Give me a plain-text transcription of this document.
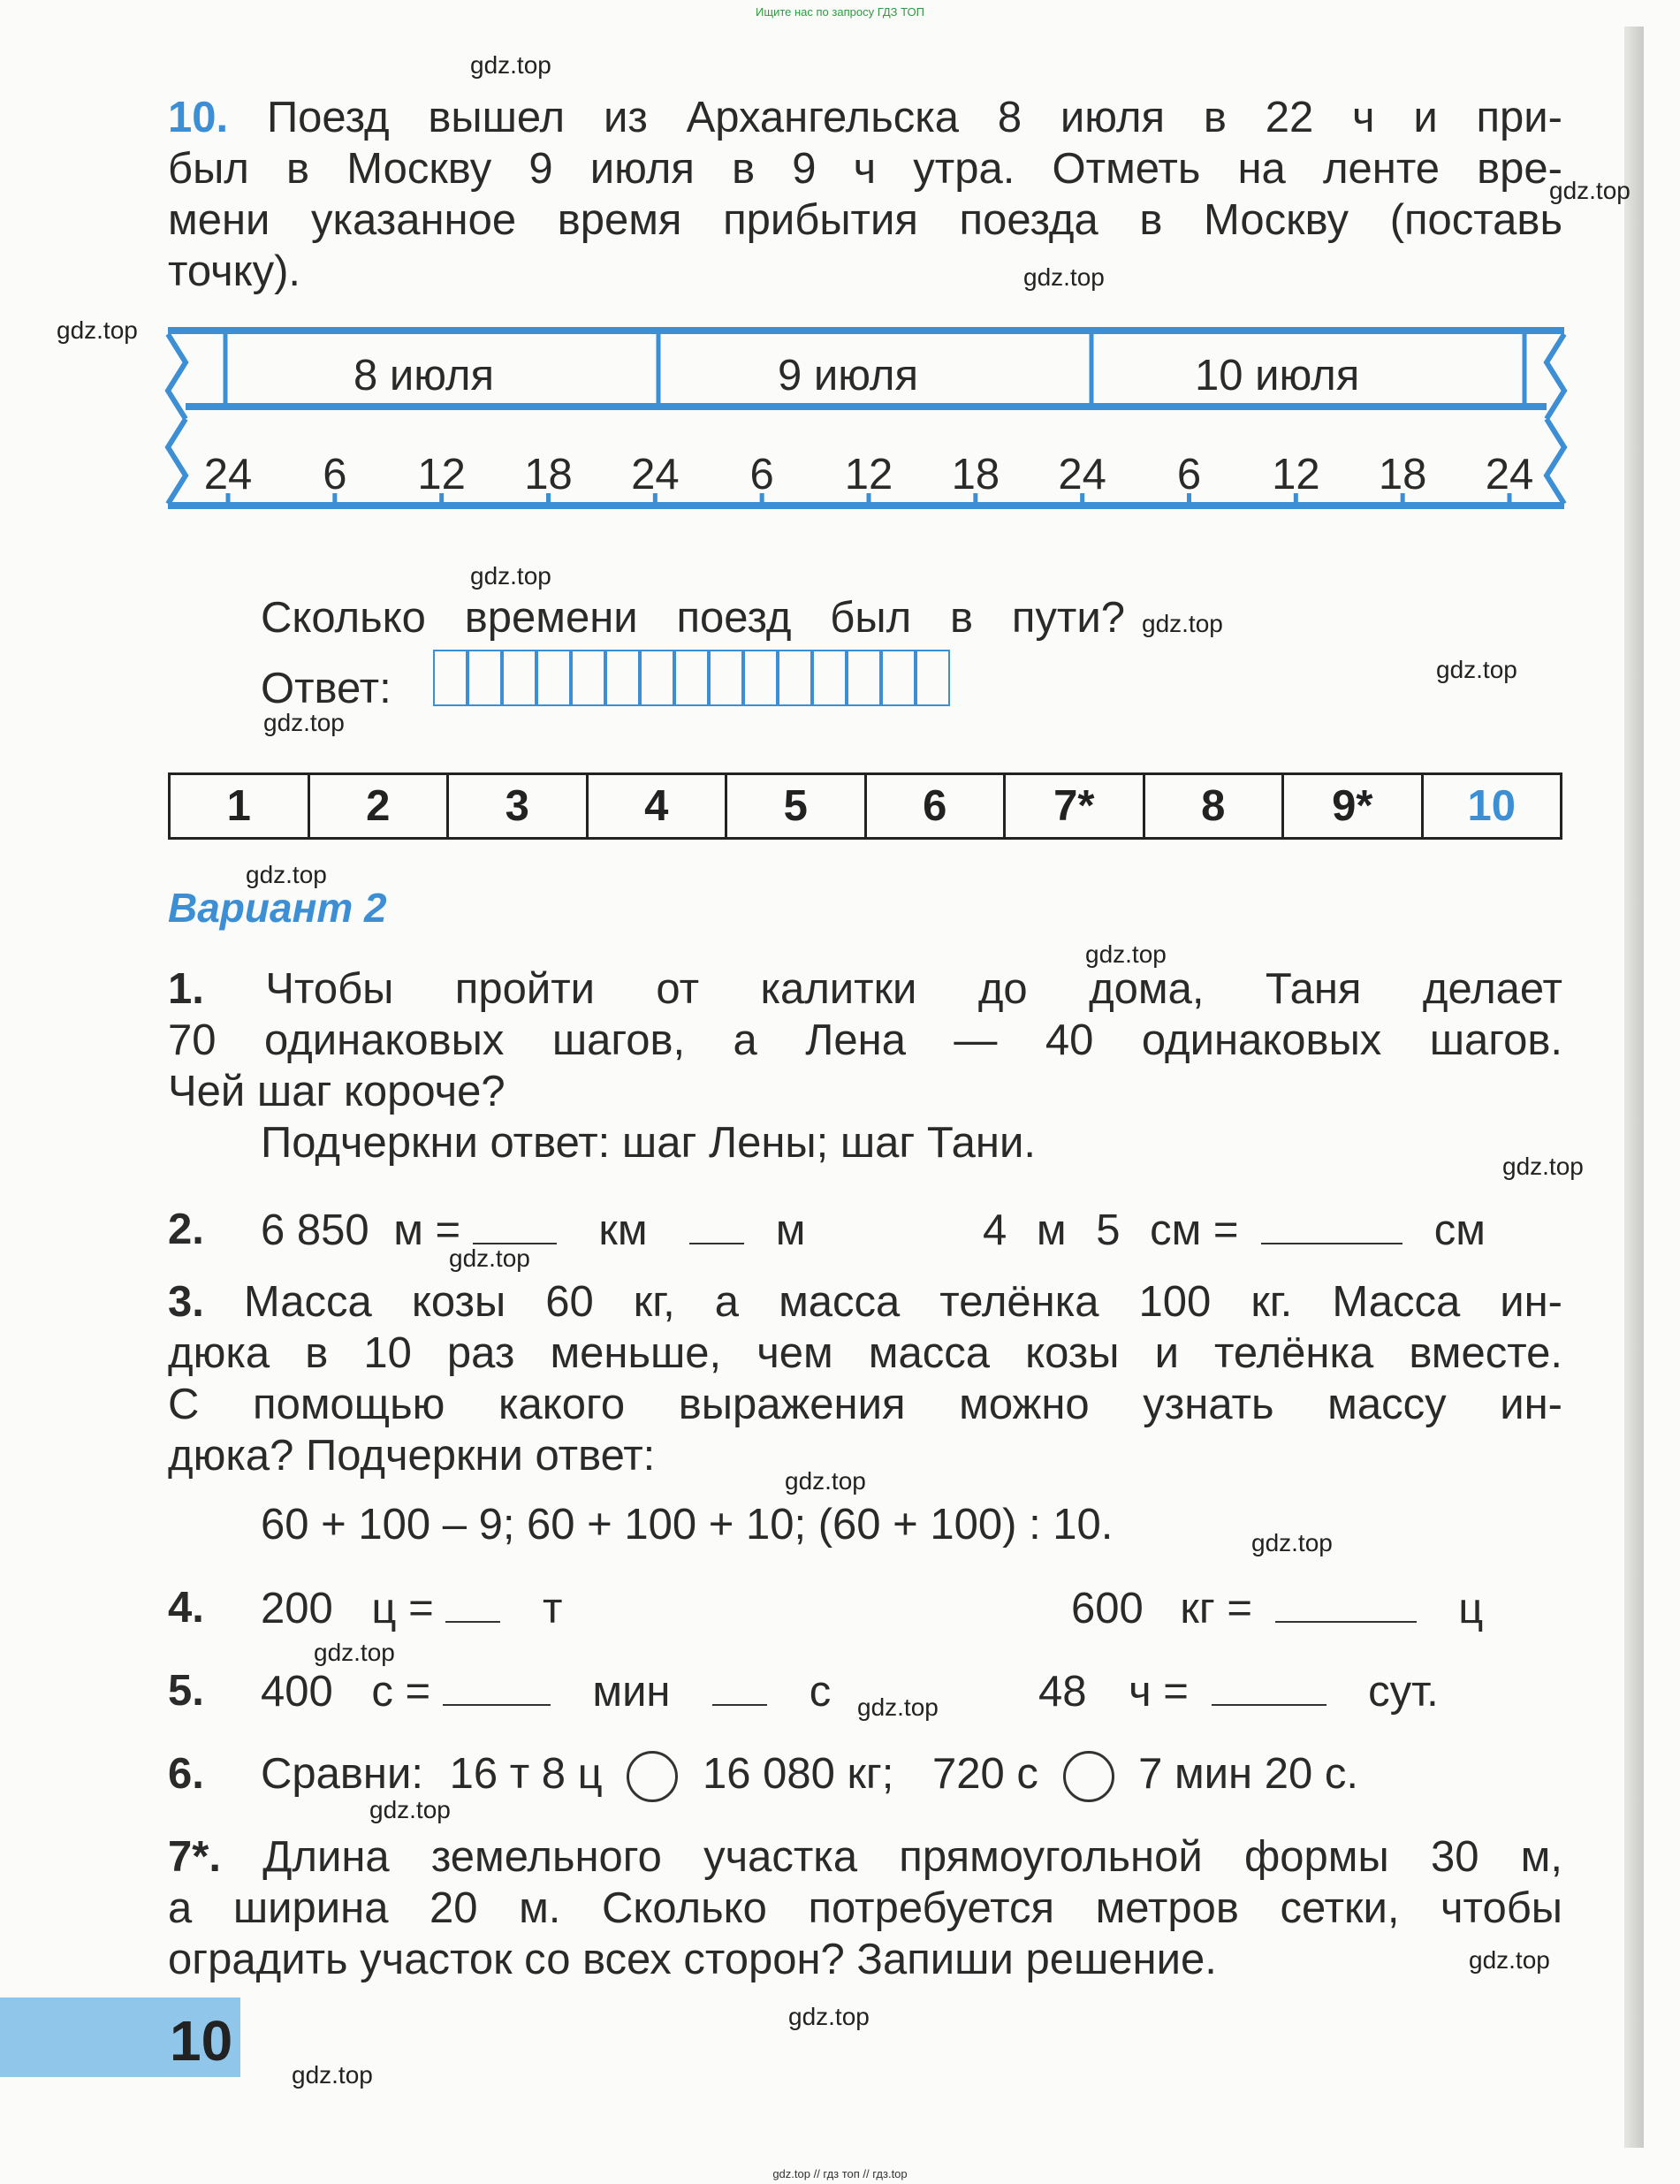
Ищите нас по запросу ГДЗ ТОП
10. Поезд вышел из Архангельска 8 июля в 22 ч и при-
был в Москву 9 июля в 9 ч утра. Отметь на ленте вре-
мени указанное время прибытия поезда в Москву (поставь
точку).
8 июля	9 июля	10 июля
24	6	12 18 24	6	12 18 24	6	12 18 24
Сколько времени поезд был в пути?
Ответ:
1	2	3	4	5	6	7*	8	9*	10
Вариант 2
1. Чтобы пройти от калитки до дома, Таня делает
70 одинаковых шагов, а Лена — 40 одинаковых шагов.
Чей шаг короче?
Подчеркни ответ: шаг Лены; шаг Тани.
2. 6 850 м =	км	м	4 м 5 см =	см
3. Масса козы 60 кг, а масса телёнка 100 кг. Масса ин-
дюка в 10 раз меньше, чем масса козы и телёнка вместе.
С помощью какого выражения можно узнать массу ин-
дюка? Подчеркни ответ:
60 + 100 – 9; 60 + 100 + 10; (60 + 100) : 10.
4. 200 ц =	т	600 кг =	ц
5. 400 с =	мин	с	48 ч =	сут.
6. Сравни: 16 т 8 ц 16 080 кг; 720 с 7 мин 20 с.
7*. Длина земельного участка прямоугольной формы 30 м,
а ширина 20 м. Сколько потребуется метров сетки, чтобы
оградить участок со всех сторон? Запиши решение.
10
gdz.top
gdz.top
gdz.top
gdz.top
gdz.top
gdz.top
gdz.top
gdz.top
gdz.top
gdz.top
gdz.top
gdz.top
gdz.top
gdz.top
gdz.top
gdz.top
gdz.top
gdz.top
gdz.top
gdz.top
gdz.top // гдз топ // гдз.top
